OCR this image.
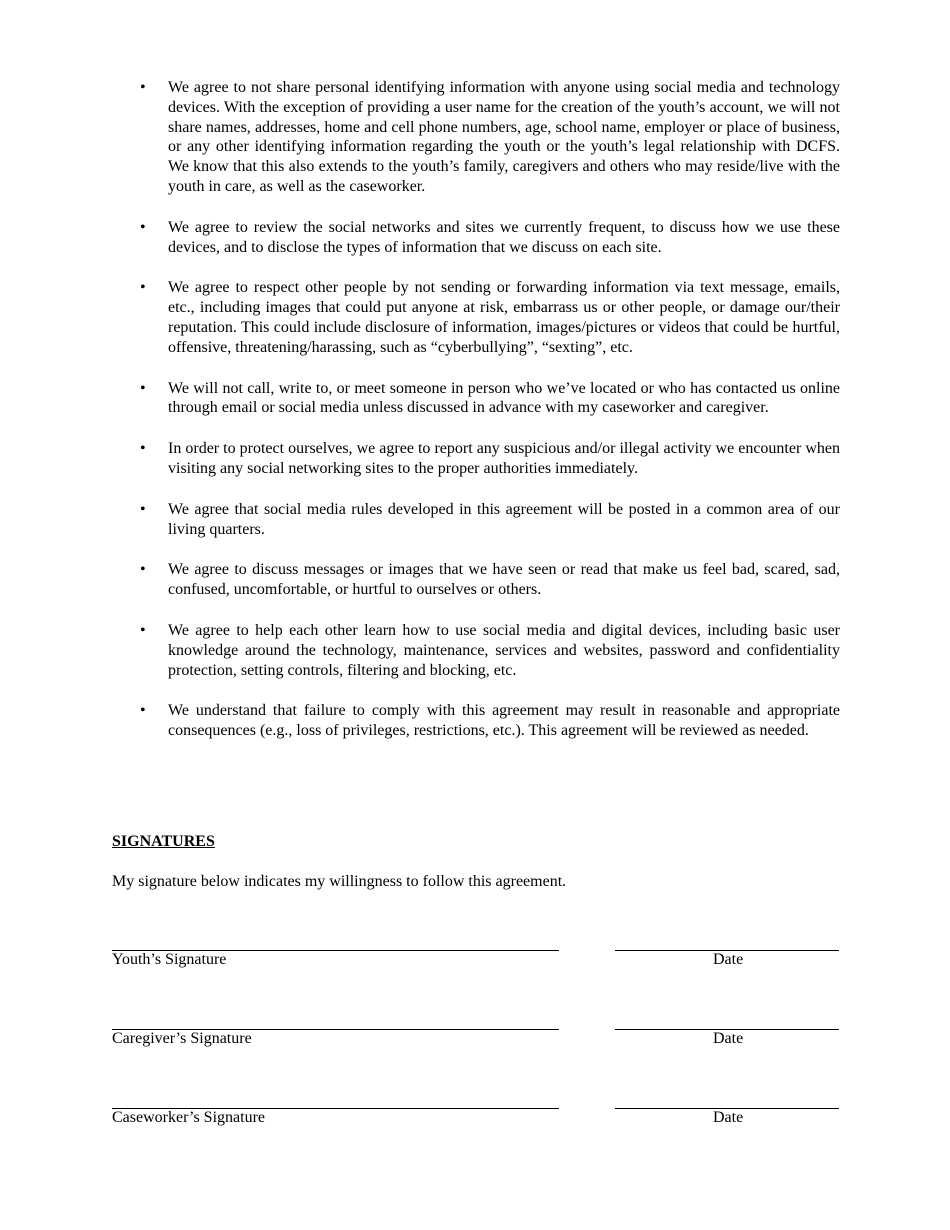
•	We agree to not share personal identifying information with anyone using social media and technology devices. With the exception of providing a user name for the creation of the youth’s account, we will not share names, addresses, home and cell phone numbers, age, school name, employer or place of business, or any other identifying information regarding the youth or the youth’s legal relationship with DCFS. We know that this also extends to the youth’s family, caregivers and others who may reside/live with the youth in care, as well as the caseworker.
•	We agree to review the social networks and sites we currently frequent, to discuss how we use these devices, and to disclose the types of information that we discuss on each site.
•	We agree to respect other people by not sending or forwarding information via text message, emails, etc., including images that could put anyone at risk, embarrass us or other people, or damage our/their reputation. This could include disclosure of information, images/pictures or videos that could be hurtful, offensive, threatening/harassing, such as “cyberbullying”, “sexting”, etc.
•	We will not call, write to, or meet someone in person who we’ve located or who has contacted us online through email or social media unless discussed in advance with my caseworker and caregiver.
•	In order to protect ourselves, we agree to report any suspicious and/or illegal activity we encounter when visiting any social networking sites to the proper authorities immediately.
•	We agree that social media rules developed in this agreement will be posted in a common area of our living quarters.
•	We agree to discuss messages or images that we have seen or read that make us feel bad, scared, sad, confused, uncomfortable, or hurtful to ourselves or others.
•	We agree to help each other learn how to use social media and digital devices, including basic user knowledge around the technology, maintenance, services and websites, password and confidentiality protection, setting controls, filtering and blocking, etc.
•	We understand that failure to comply with this agreement may result in reasonable and appropriate consequences (e.g., loss of privileges, restrictions, etc.). This agreement will be reviewed as needed.
SIGNATURES

My signature below indicates my willingness to follow this agreement.

Youth’s Signature	Date
Caregiver’s Signature	Date
Caseworker’s Signature	Date
